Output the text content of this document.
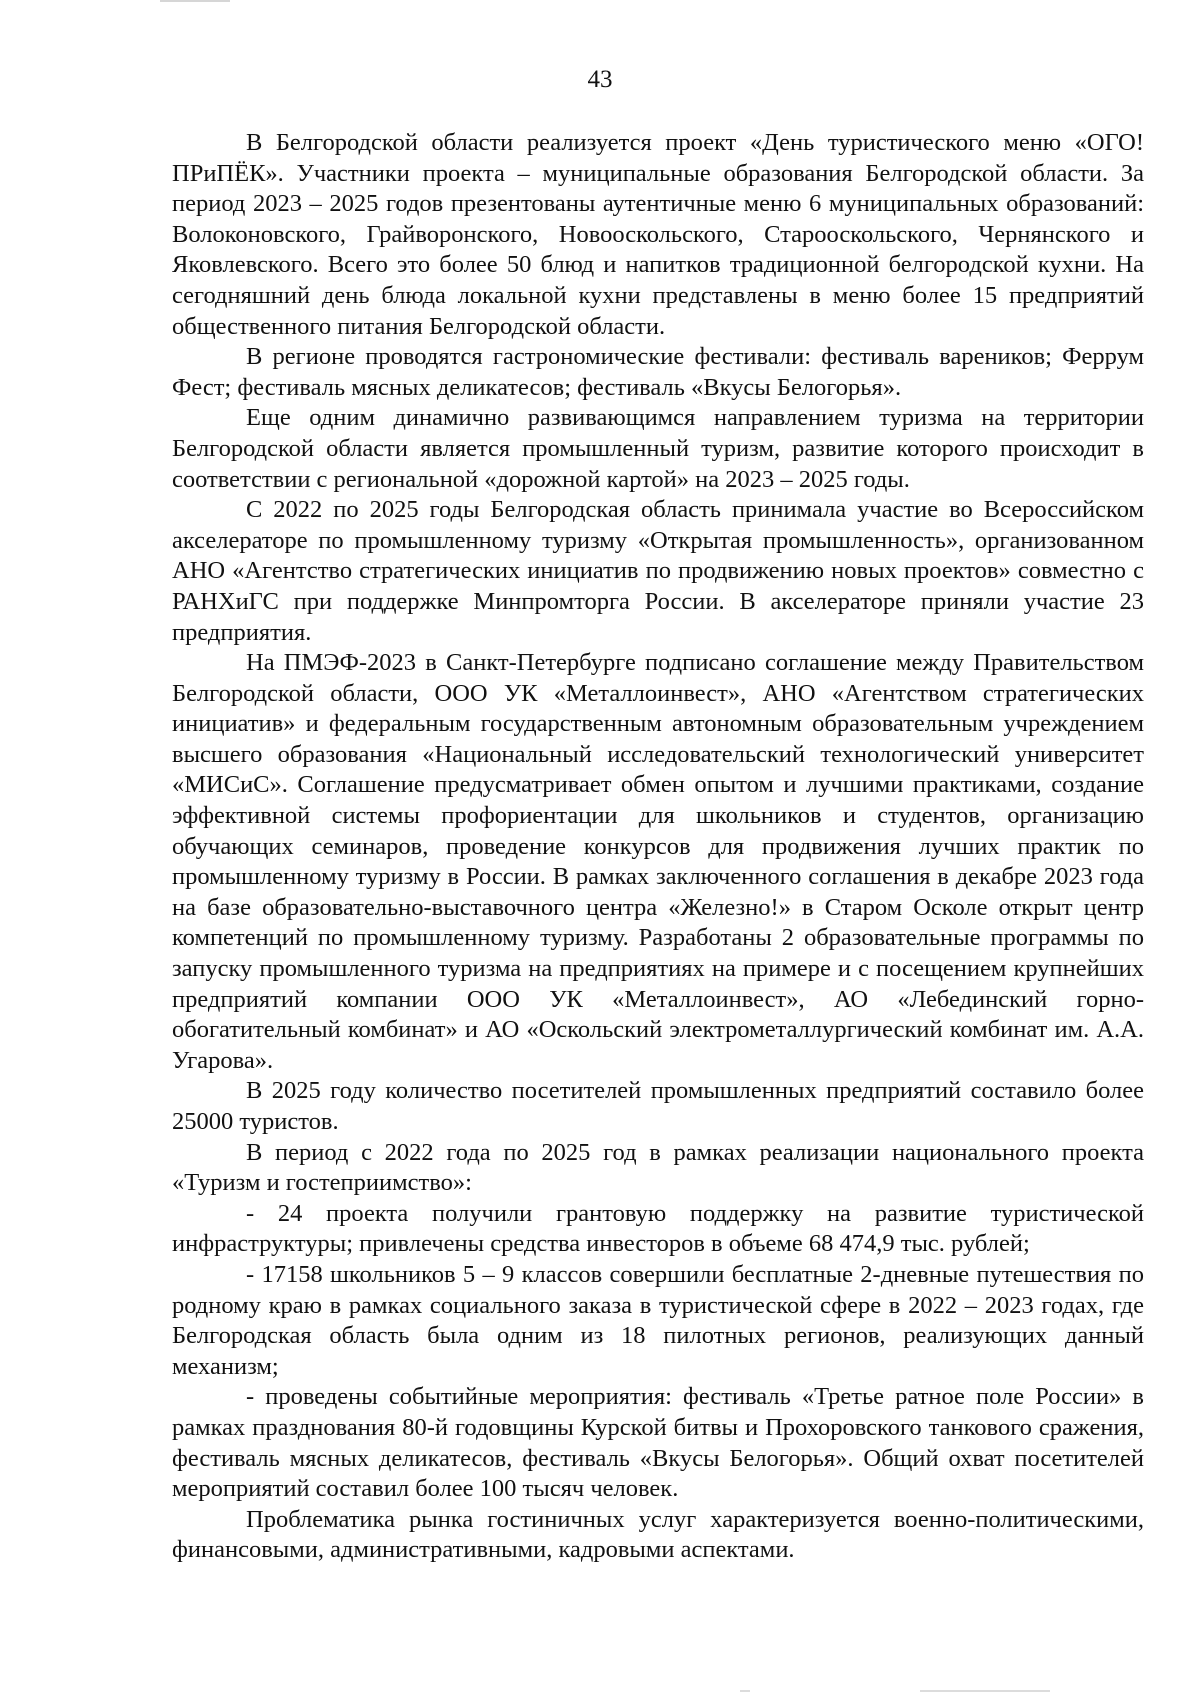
43

В Белгородской области реализуется проект «День туристического меню «ОГО! ПРиПЁК». Участники проекта – муниципальные образования Белгородской области. За период 2023 – 2025 годов презентованы аутентичные меню 6 муниципальных образований: Волоконовского, Грайворонского, Новооскольского, Старооскольского, Чернянского и Яковлевского. Всего это более 50 блюд и напитков традиционной белгородской кухни. На сегодняшний день блюда локальной кухни представлены в меню более 15 предприятий общественного питания Белгородской области.

В регионе проводятся гастрономические фестивали: фестиваль вареников; Феррум Фест; фестиваль мясных деликатесов; фестиваль «Вкусы Белогорья».

Еще одним динамично развивающимся направлением туризма на территории Белгородской области является промышленный туризм, развитие которого происходит в соответствии с региональной «дорожной картой» на 2023 – 2025 годы.

С 2022 по 2025 годы Белгородская область принимала участие во Всероссийском акселераторе по промышленному туризму «Открытая промышленность», организованном АНО «Агентство стратегических инициатив по продвижению новых проектов» совместно с РАНХиГС при поддержке Минпромторга России. В акселераторе приняли участие 23 предприятия.

На ПМЭФ-2023 в Санкт-Петербурге подписано соглашение между Правительством Белгородской области, ООО УК «Металлоинвест», АНО «Агентством стратегических инициатив» и федеральным государственным автономным образовательным учреждением высшего образования «Национальный исследовательский технологический университет «МИСиС». Соглашение предусматривает обмен опытом и лучшими практиками, создание эффективной системы профориентации для школьников и студентов, организацию обучающих семинаров, проведение конкурсов для продвижения лучших практик по промышленному туризму в России. В рамках заключенного соглашения в декабре 2023 года на базе образовательно-выставочного центра «Железно!» в Старом Осколе открыт центр компетенций по промышленному туризму. Разработаны 2 образовательные программы по запуску промышленного туризма на предприятиях на примере и с посещением крупнейших предприятий компании ООО УК «Металлоинвест», АО «Лебединский горно-обогатительный комбинат» и АО «Оскольский электрометаллургический комбинат им. А.А. Угарова».

В 2025 году количество посетителей промышленных предприятий составило более 25000 туристов.

В период с 2022 года по 2025 год в рамках реализации национального проекта «Туризм и гостеприимство»:

- 24 проекта получили грантовую поддержку на развитие туристической инфраструктуры; привлечены средства инвесторов в объеме 68 474,9 тыс. рублей;

- 17158 школьников 5 – 9 классов совершили бесплатные 2-дневные путешествия по родному краю в рамках социального заказа в туристической сфере в 2022 – 2023 годах, где Белгородская область была одним из 18 пилотных регионов, реализующих данный механизм;

- проведены событийные мероприятия: фестиваль «Третье ратное поле России» в рамках празднования 80-й годовщины Курской битвы и Прохоровского танкового сражения, фестиваль мясных деликатесов, фестиваль «Вкусы Белогорья». Общий охват посетителей мероприятий составил более 100 тысяч человек.

Проблематика рынка гостиничных услуг характеризуется военно-политическими, финансовыми, административными, кадровыми аспектами.
